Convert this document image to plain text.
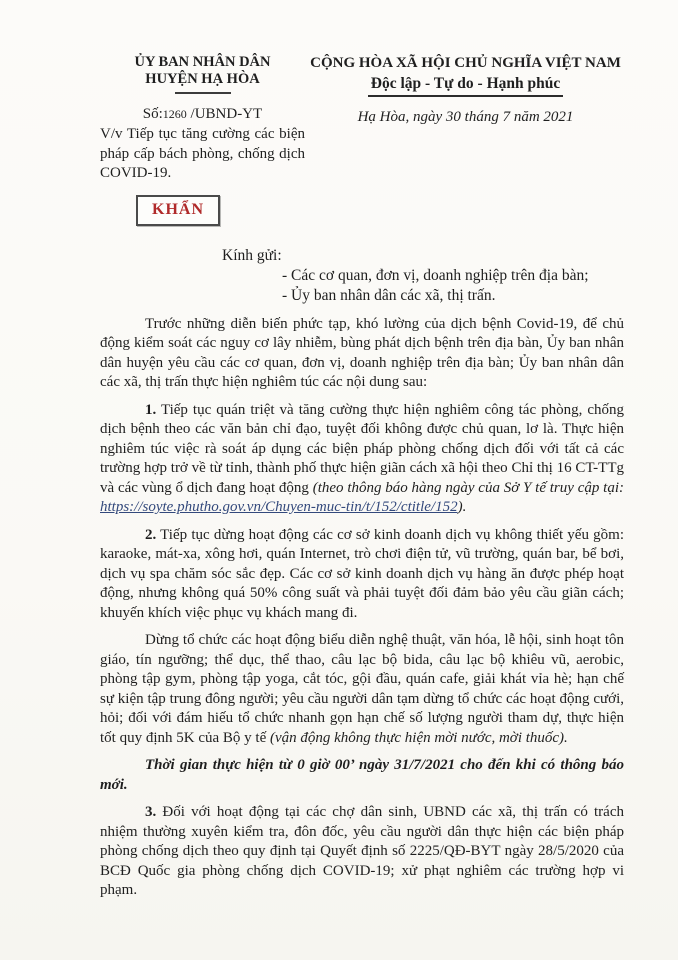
ỦY BAN NHÂN DÂN
HUYỆN HẠ HÒA
Số:1260 /UBND-YT
V/v Tiếp tục tăng cường các biện pháp cấp bách phòng, chống dịch COVID-19.
KHẨN
CỘNG HÒA XÃ HỘI CHỦ NGHĨA VIỆT NAM
Độc lập - Tự do - Hạnh phúc
Hạ Hòa, ngày 30 tháng 7 năm 2021
Kính gửi:
- Các cơ quan, đơn vị, doanh nghiệp trên địa bàn;
- Ủy ban nhân dân các xã, thị trấn.

Trước những diễn biến phức tạp, khó lường của dịch bệnh Covid-19, để chủ động kiểm soát các nguy cơ lây nhiễm, bùng phát dịch bệnh trên địa bàn, Ủy ban nhân dân huyện yêu cầu các cơ quan, đơn vị, doanh nghiệp trên địa bàn; Ủy ban nhân dân các xã, thị trấn thực hiện nghiêm túc các nội dung sau:

1. Tiếp tục quán triệt và tăng cường thực hiện nghiêm công tác phòng, chống dịch bệnh theo các văn bản chỉ đạo, tuyệt đối không được chủ quan, lơ là. Thực hiện nghiêm túc việc rà soát áp dụng các biện pháp phòng chống dịch đối với tất cả các trường hợp trở về từ tỉnh, thành phố thực hiện giãn cách xã hội theo Chỉ thị 16 CT-TTg và các vùng ổ dịch đang hoạt động (theo thông báo hàng ngày của Sở Y tế truy cập tại: https://soyte.phutho.gov.vn/Chuyen-muc-tin/t/152/ctitle/152).

2. Tiếp tục dừng hoạt động các cơ sở kinh doanh dịch vụ không thiết yếu gồm: karaoke, mát-xa, xông hơi, quán Internet, trò chơi điện tử, vũ trường, quán bar, bể bơi, dịch vụ spa chăm sóc sắc đẹp. Các cơ sở kinh doanh dịch vụ hàng ăn được phép hoạt động, nhưng không quá 50% công suất và phải tuyệt đối đảm bảo yêu cầu giãn cách; khuyến khích việc phục vụ khách mang đi.

Dừng tổ chức các hoạt động biểu diễn nghệ thuật, văn hóa, lễ hội, sinh hoạt tôn giáo, tín ngưỡng; thể dục, thể thao, câu lạc bộ bida, câu lạc bộ khiêu vũ, aerobic, phòng tập gym, phòng tập yoga, cắt tóc, gội đầu, quán cafe, giải khát vỉa hè; hạn chế sự kiện tập trung đông người; yêu cầu người dân tạm dừng tổ chức các hoạt động cưới, hỏi; đối với đám hiếu tổ chức nhanh gọn hạn chế số lượng người tham dự, thực hiện tốt quy định 5K của Bộ y tế (vận động không thực hiện mời nước, mời thuốc).

Thời gian thực hiện từ 0 giờ 00’ ngày 31/7/2021 cho đến khi có thông báo mới.

3. Đối với hoạt động tại các chợ dân sinh, UBND các xã, thị trấn có trách nhiệm thường xuyên kiểm tra, đôn đốc, yêu cầu người dân thực hiện các biện pháp phòng chống dịch theo quy định tại Quyết định số 2225/QĐ-BYT ngày 28/5/2020 của BCĐ Quốc gia phòng chống dịch COVID-19; xử phạt nghiêm các trường hợp vi phạm.
